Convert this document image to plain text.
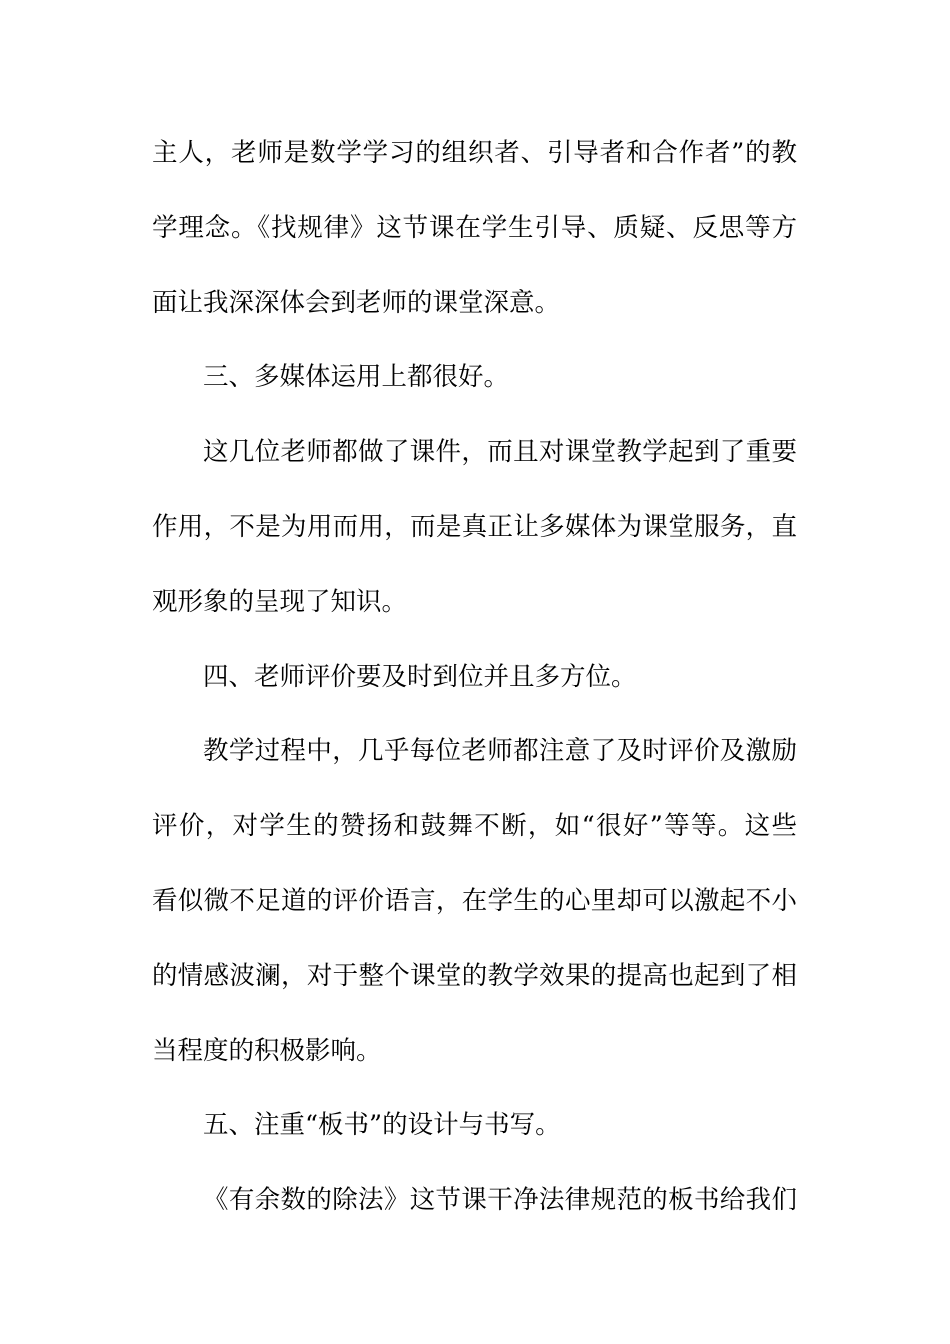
主人，老师是数学学习的组织者、引导者和合作者”的教
学理念。《找规律》这节课在学生引导、质疑、反思等方
面让我深深体会到老师的课堂深意。
三、多媒体运用上都很好。
这几位老师都做了课件，而且对课堂教学起到了重要
作用，不是为用而用，而是真正让多媒体为课堂服务，直
观形象的呈现了知识。
四、老师评价要及时到位并且多方位。
教学过程中，几乎每位老师都注意了及时评价及激励
评价，对学生的赞扬和鼓舞不断，如“很好”等等。这些
看似微不足道的评价语言，在学生的心里却可以激起不小
的情感波澜，对于整个课堂的教学效果的提高也起到了相
当程度的积极影响。
五、注重“板书”的设计与书写。
《有余数的除法》这节课干净法律规范的板书给我们
